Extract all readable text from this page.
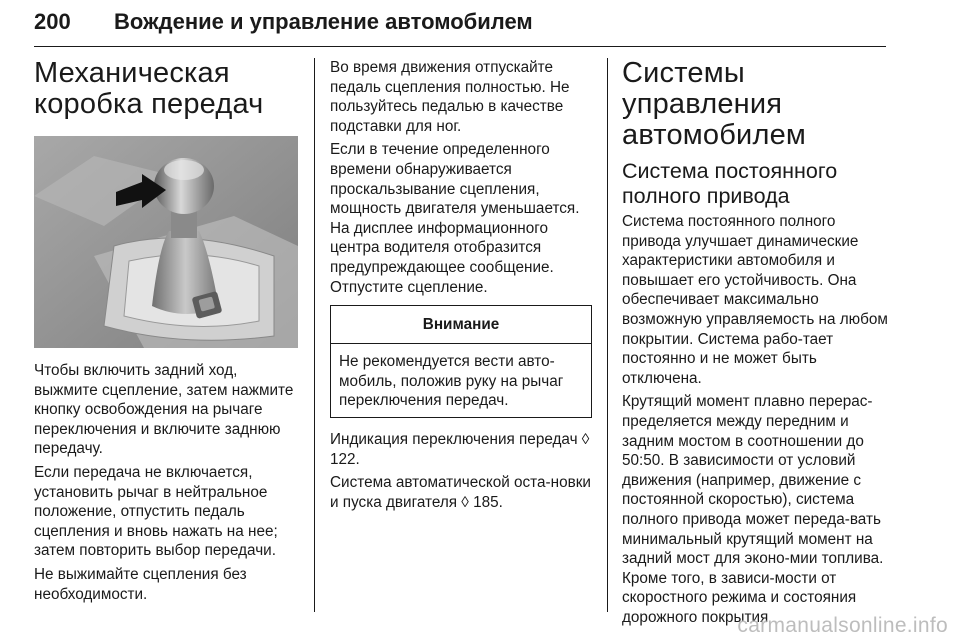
200 Вождение и управление автомобилем
Механическая коробка передач

Чтобы включить задний ход, выжмите сцепление, затем нажмите кнопку освобождения на рычаге переключения и включите заднюю передачу.

Если передача не включается, установить рычаг в нейтральное положение, отпустить педаль сцепления и вновь нажать на нее; затем повторить выбор передачи.

Не выжимайте сцепления без необходимости.

Во время движения отпускайте педаль сцепления полностью. Не пользуйтесь педалью в качестве подставки для ног.

Если в течение определенного времени обнаруживается проскальзывание сцепления, мощность двигателя уменьшается. На дисплее информационного центра водителя отобразится предупреждающее сообщение. Отпустите сцепление.

Внимание

Не рекомендуется вести авто-мобиль, положив руку на рычаг переключения передач.

Индикация переключения передач ◊ 122.

Система автоматической оста-новки и пуска двигателя ◊ 185.

Системы управления автомобилем
Система постоянного полного привода

Система постоянного полного привода улучшает динамические характеристики автомобиля и повышает его устойчивость. Она обеспечивает максимально возможную управляемость на любом покрытии. Система рабо-тает постоянно и не может быть отключена.

Крутящий момент плавно перерас-пределяется между передним и задним мостом в соотношении до 50:50. В зависимости от условий движения (например, движение с постоянной скоростью), система полного привода может переда-вать минимальный крутящий момент на задний мост для эконо-мии топлива. Кроме того, в зависи-мости от скоростного режима и состояния дорожного покрытия

carmanualsonline.info
